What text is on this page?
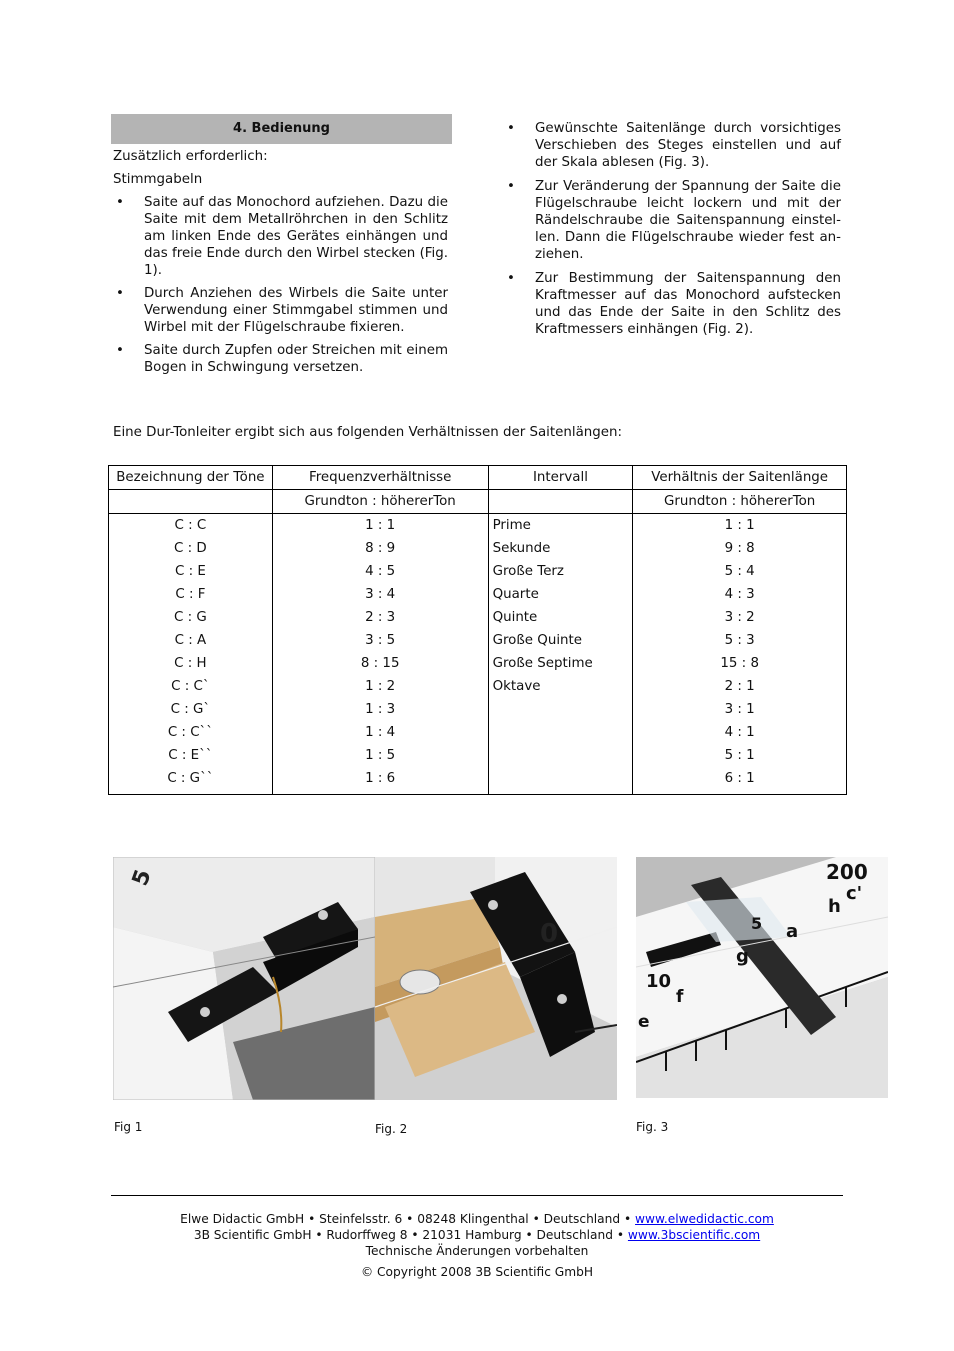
4. Bedienung

Zusätzlich erforderlich:

Stimmgabeln

• Saite auf das Monochord aufziehen. Dazu die Saite mit dem Metallröhrchen in den Schlitz am linken Ende des Gerätes einhängen und das freie Ende durch den Wirbel stecken (Fig. 1).
• Durch Anziehen des Wirbels die Saite unter Verwendung einer Stimmgabel stimmen und Wirbel mit der Flügelschraube fixieren.
• Saite durch Zupfen oder Streichen mit einem Bogen in Schwingung versetzen.
• Gewünschte Saitenlänge durch vorsichtiges Verschieben des Steges einstellen und auf der Skala ablesen (Fig. 3).
• Zur Veränderung der Spannung der Saite die Flügelschraube leicht lockern und mit der Rändelschraube die Saitenspannung einstel-len. Dann die Flügelschraube wieder fest an-ziehen.
• Zur Bestimmung der Saitenspannung den Kraftmesser auf das Monochord aufstecken und das Ende der Saite in den Schlitz des Kraftmessers einhängen (Fig. 2).
Eine Dur-Tonleiter ergibt sich aus folgenden Verhältnissen der Saitenlängen:
Bezeichnung der Töne	Frequenzverhältnisse	Intervall	Verhältnis der Saitenlänge
	Grundton : höhererTon		Grundton : höhererTon
C : C	1 : 1	Prime	1 : 1
C : D	8 : 9	Sekunde	9 : 8
C : E	4 : 5	Große Terz	5 : 4
C : F	3 : 4	Quarte	4 : 3
C : G	2 : 3	Quinte	3 : 2
C : A	3 : 5	Große Quinte	5 : 3
C : H	8 : 15	Große Septime	15 : 8
C : C`	1 : 2	Oktave	2 : 1
C : G`	1 : 3		3 : 1
C : C``	1 : 4		4 : 1
C : E``	1 : 5		5 : 1
C : G``	1 : 6		6 : 1
5
0
200
c'
h
a
g
10
f
e
5
Fig 1	Fig. 2	Fig. 3
Elwe Didactic GmbH • Steinfelsstr. 6 • 08248 Klingenthal • Deutschland • www.elwedidactic.com
3B Scientific GmbH • Rudorffweg 8 • 21031 Hamburg • Deutschland • www.3bscientific.com
Technische Änderungen vorbehalten
© Copyright 2008 3B Scientific GmbH
